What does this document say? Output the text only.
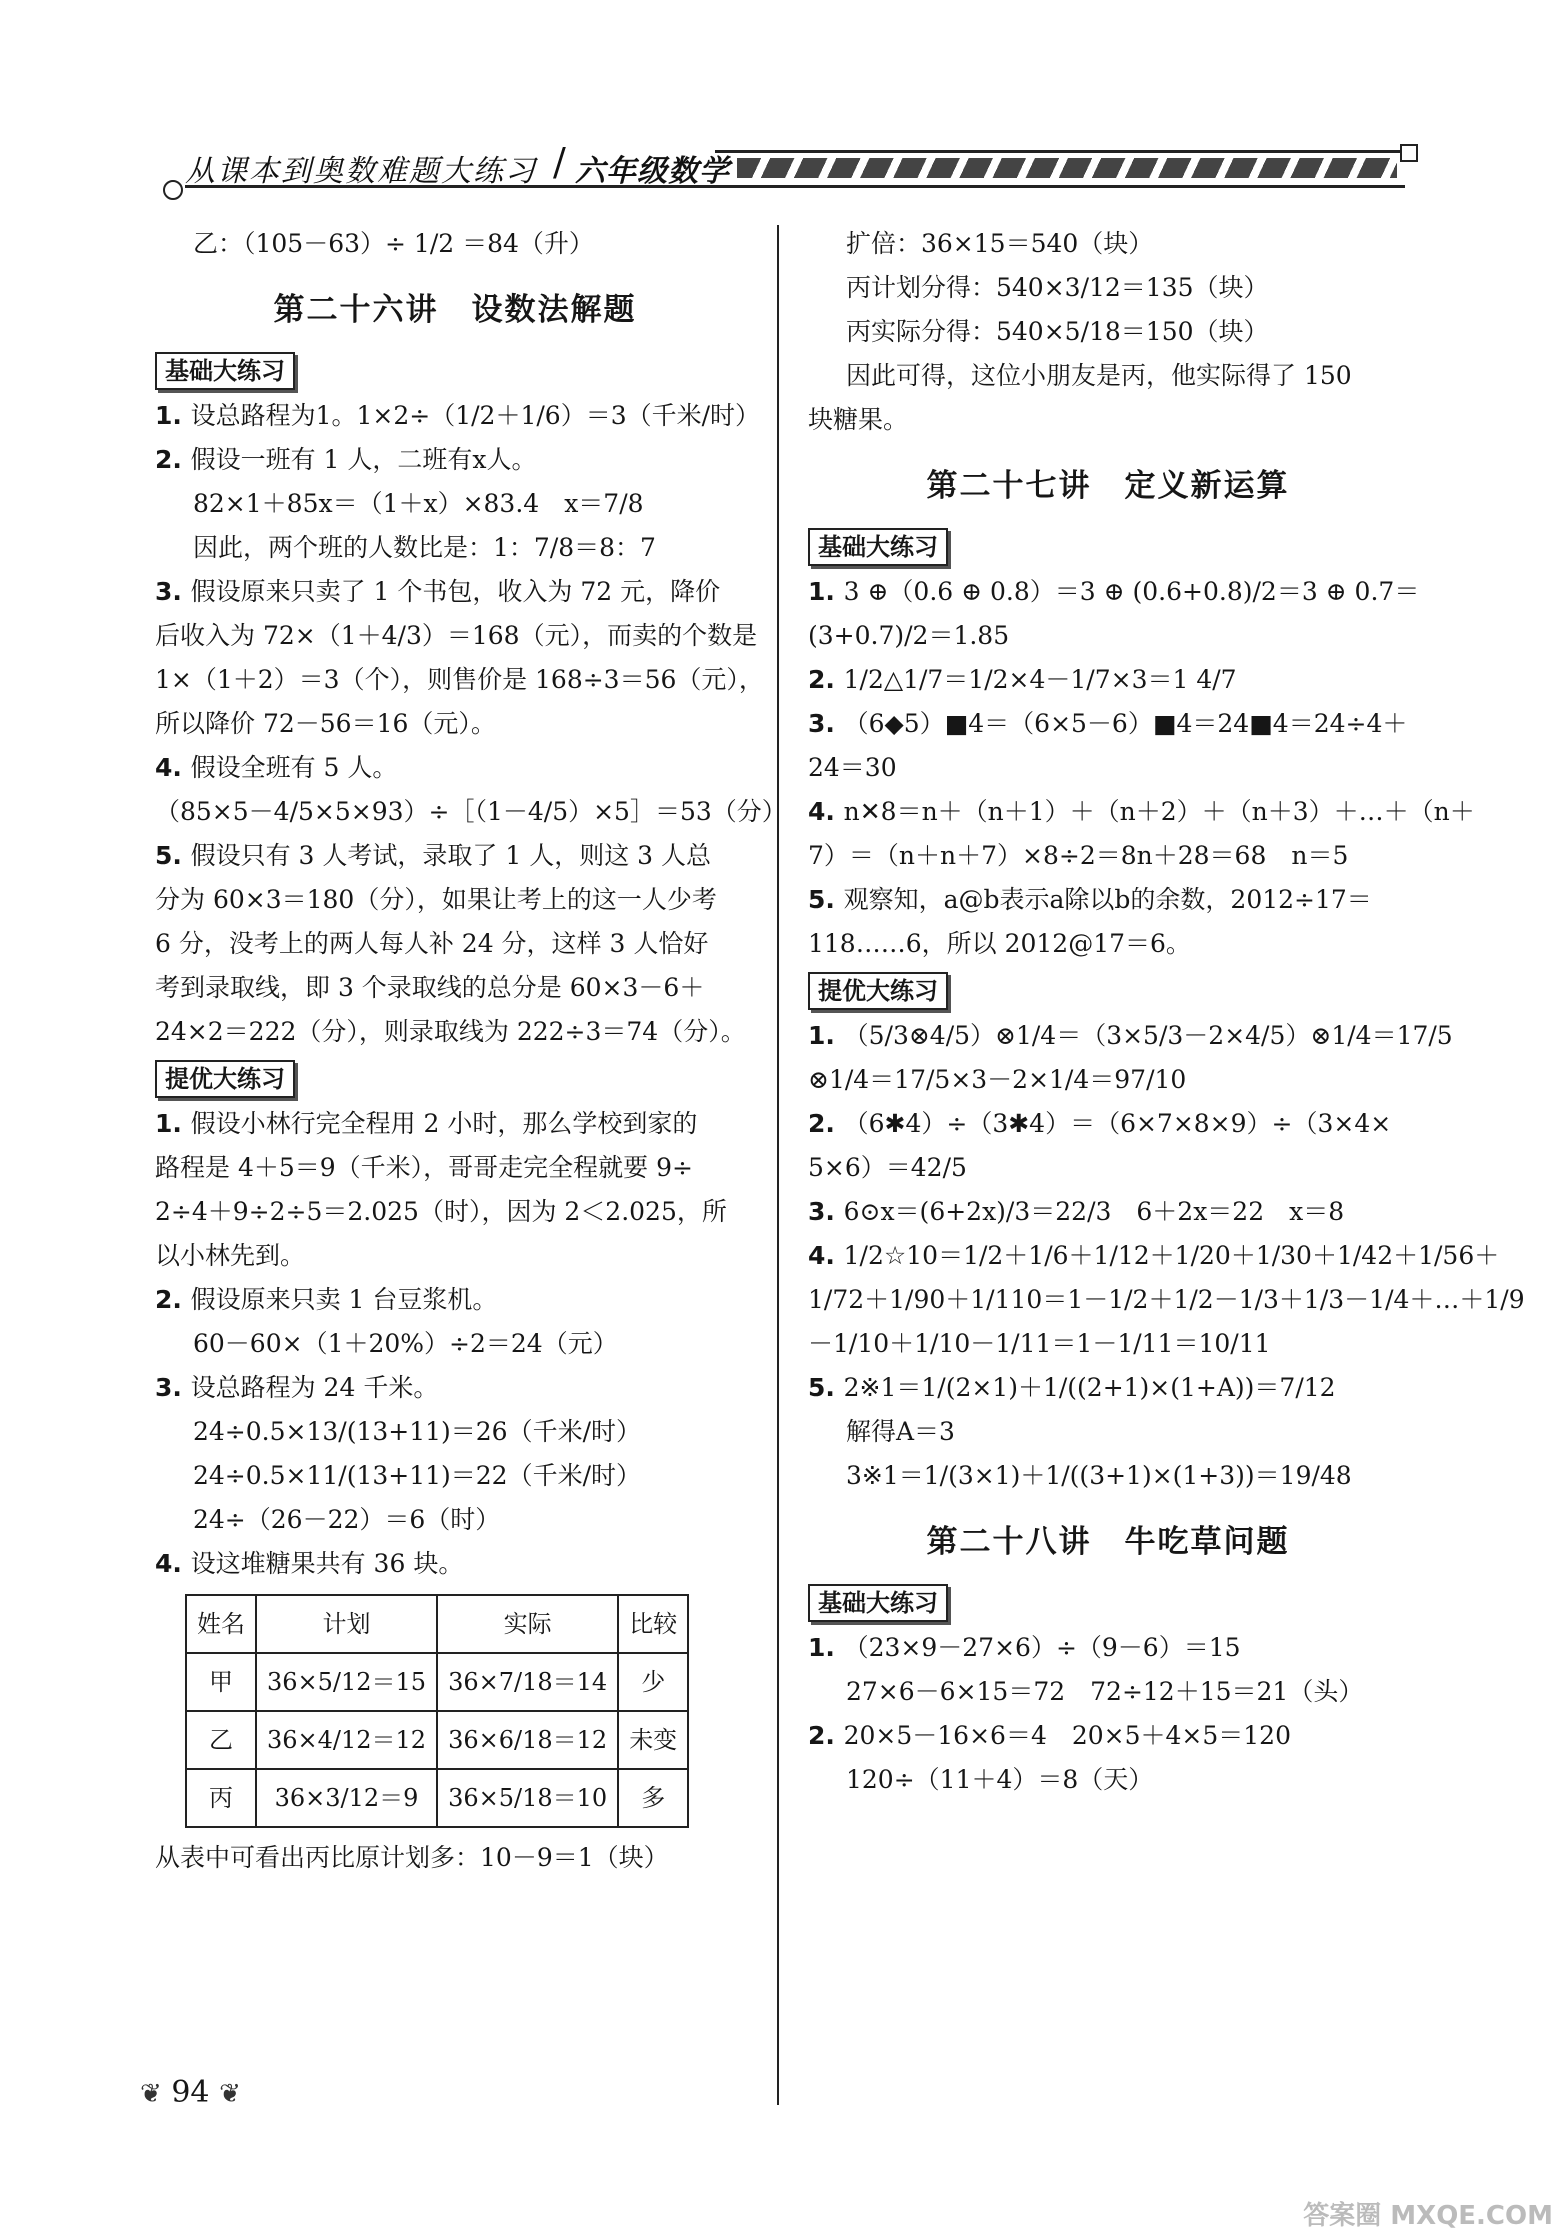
从课本到奥数难题大练习 / 六年级数学
乙：（105－63）÷ 1/2 ＝84（升）
第二十六讲　设数法解题
基础大练习
1. 设总路程为1。1×2÷（1/2＋1/6）＝3（千米/时）
2. 假设一班有 1 人，二班有x人。
82×1＋85x＝（1＋x）×83.4　x＝7/8
因此，两个班的人数比是：1：7/8＝8：7
3. 假设原来只卖了 1 个书包，收入为 72 元，降价
后收入为 72×（1＋4/3）＝168（元），而卖的个数是
1×（1＋2）＝3（个），则售价是 168÷3＝56（元），
所以降价 72－56＝16（元）。
4. 假设全班有 5 人。
（85×5－4/5×5×93）÷［（1－4/5）×5］＝53（分）
5. 假设只有 3 人考试，录取了 1 人，则这 3 人总
分为 60×3＝180（分），如果让考上的这一人少考
6 分，没考上的两人每人补 24 分，这样 3 人恰好
考到录取线，即 3 个录取线的总分是 60×3－6＋
24×2＝222（分），则录取线为 222÷3＝74（分）。
提优大练习
1. 假设小林行完全程用 2 小时，那么学校到家的
路程是 4＋5＝9（千米），哥哥走完全程就要 9÷
2÷4＋9÷2÷5＝2.025（时），因为 2＜2.025，所
以小林先到。
2. 假设原来只卖 1 台豆浆机。
60－60×（1＋20%）÷2＝24（元）
3. 设总路程为 24 千米。
24÷0.5×13/(13+11)＝26（千米/时）
24÷0.5×11/(13+11)＝22（千米/时）
24÷（26－22）＝6（时）
4. 设这堆糖果共有 36 块。
姓名	计划	实际	比较
甲	36×5/12＝15	36×7/18＝14	少
乙	36×4/12＝12	36×6/18＝12	未变
丙	36×3/12＝9	36×5/18＝10	多
从表中可看出丙比原计划多：10－9＝1（块）
扩倍：36×15＝540（块）
丙计划分得：540×3/12＝135（块）
丙实际分得：540×5/18＝150（块）
因此可得，这位小朋友是丙，他实际得了 150
块糖果。
第二十七讲　定义新运算
基础大练习
1. 3 ⊕（0.6 ⊕ 0.8）＝3 ⊕ (0.6+0.8)/2＝3 ⊕ 0.7＝
(3+0.7)/2＝1.85
2. 1/2△1/7＝1/2×4－1/7×3＝1 4/7
3. （6◆5）■4＝（6×5－6）■4＝24■4＝24÷4＋
24＝30
4. n✕8＝n＋（n＋1）＋（n＋2）＋（n＋3）＋…＋（n＋
7）＝（n＋n＋7）×8÷2＝8n＋28＝68　n＝5
5. 观察知，a@b表示a除以b的余数，2012÷17＝
118……6，所以 2012@17＝6。
提优大练习
1. （5/3⊗4/5）⊗1/4＝（3×5/3－2×4/5）⊗1/4＝17/5
⊗1/4＝17/5×3－2×1/4＝97/10
2. （6✱4）÷（3✱4）＝（6×7×8×9）÷（3×4×
5×6）＝42/5
3. 6⊙x＝(6+2x)/3＝22/3　6＋2x＝22　x＝8
4. 1/2☆10＝1/2＋1/6＋1/12＋1/20＋1/30＋1/42＋1/56＋
1/72＋1/90＋1/110＝1－1/2＋1/2－1/3＋1/3－1/4＋…＋1/9
－1/10＋1/10－1/11＝1－1/11＝10/11
5. 2※1＝1/(2×1)＋1/((2+1)×(1+A))＝7/12
解得A＝3
3※1＝1/(3×1)＋1/((3+1)×(1+3))＝19/48
第二十八讲　牛吃草问题
基础大练习
1. （23×9－27×6）÷（9－6）＝15
27×6－6×15＝72　72÷12＋15＝21（头）
2. 20×5－16×6＝4　20×5＋4×5＝120
120÷（11＋4）＝8（天）
❦ 94 ❦
答案圈 MXQE.COM
